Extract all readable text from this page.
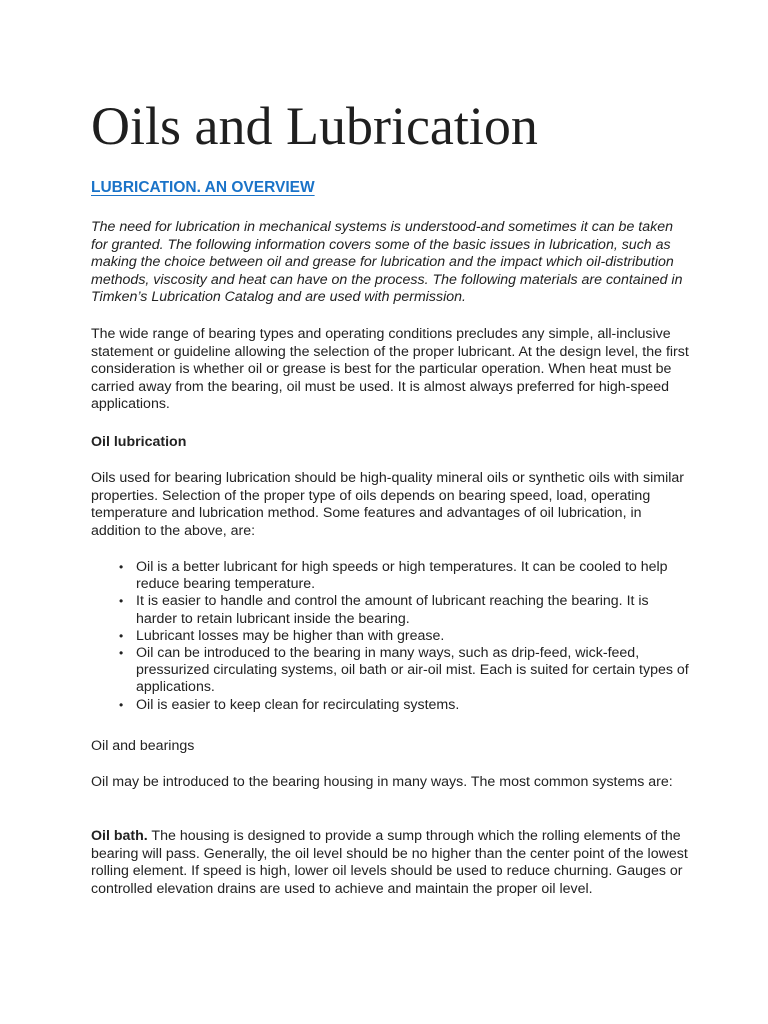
Oils and Lubrication
LUBRICATION. AN OVERVIEW

The need for lubrication in mechanical systems is understood-and sometimes it can be taken for granted. The following information covers some of the basic issues in lubrication, such as making the choice between oil and grease for lubrication and the impact which oil-distribution methods, viscosity and heat can have on the process. The following materials are contained in Timken’s Lubrication Catalog and are used with permission.

The wide range of bearing types and operating conditions precludes any simple, all-inclusive statement or guideline allowing the selection of the proper lubricant. At the design level, the first consideration is whether oil or grease is best for the particular operation. When heat must be carried away from the bearing, oil must be used. It is almost always preferred for high-speed applications.

Oil lubrication

Oils used for bearing lubrication should be high-quality mineral oils or synthetic oils with similar properties. Selection of the proper type of oils depends on bearing speed, load, operating temperature and lubrication method. Some features and advantages of oil lubrication, in addition to the above, are:

• Oil is a better lubricant for high speeds or high temperatures. It can be cooled to help reduce bearing temperature.
• It is easier to handle and control the amount of lubricant reaching the bearing. It is harder to retain lubricant inside the bearing.
• Lubricant losses may be higher than with grease.
• Oil can be introduced to the bearing in many ways, such as drip-feed, wick-feed, pressurized circulating systems, oil bath or air-oil mist. Each is suited for certain types of applications.
• Oil is easier to keep clean for recirculating systems.

Oil and bearings

Oil may be introduced to the bearing housing in many ways. The most common systems are:

Oil bath. The housing is designed to provide a sump through which the rolling elements of the bearing will pass. Generally, the oil level should be no higher than the center point of the lowest rolling element. If speed is high, lower oil levels should be used to reduce churning. Gauges or controlled elevation drains are used to achieve and maintain the proper oil level.
